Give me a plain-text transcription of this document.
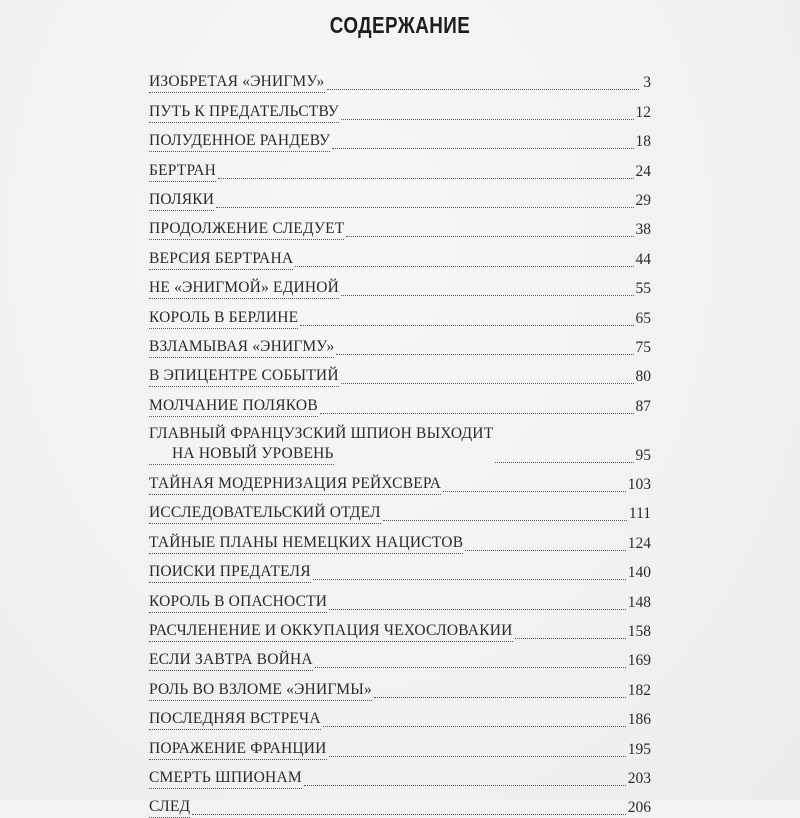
СОДЕРЖАНИЕ
ИЗОБРЕТАЯ «ЭНИГМУ»	3
ПУТЬ К ПРЕДАТЕЛЬСТВУ	12
ПОЛУДЕННОЕ РАНДЕВУ	18
БЕРТРАН	24
ПОЛЯКИ	29
ПРОДОЛЖЕНИЕ СЛЕДУЕТ	38
ВЕРСИЯ БЕРТРАНА	44
НЕ «ЭНИГМОЙ» ЕДИНОЙ	55
КОРОЛЬ В БЕРЛИНЕ	65
ВЗЛАМЫВАЯ «ЭНИГМУ»	75
В ЭПИЦЕНТРЕ СОБЫТИЙ	80
МОЛЧАНИЕ ПОЛЯКОВ	87
ГЛАВНЫЙ ФРАНЦУЗСКИЙ ШПИОН ВЫХОДИТ
НА НОВЫЙ УРОВЕНЬ	95
ТАЙНАЯ МОДЕРНИЗАЦИЯ РЕЙХСВЕРА	103
ИССЛЕДОВАТЕЛЬСКИЙ ОТДЕЛ	111
ТАЙНЫЕ ПЛАНЫ НЕМЕЦКИХ НАЦИСТОВ	124
ПОИСКИ ПРЕДАТЕЛЯ	140
КОРОЛЬ В ОПАСНОСТИ	148
РАСЧЛЕНЕНИЕ И ОККУПАЦИЯ ЧЕХОСЛОВАКИИ	158
ЕСЛИ ЗАВТРА ВОЙНА	169
РОЛЬ ВО ВЗЛОМЕ «ЭНИГМЫ»	182
ПОСЛЕДНЯЯ ВСТРЕЧА	186
ПОРАЖЕНИЕ ФРАНЦИИ	195
СМЕРТЬ ШПИОНАМ	203
СЛЕД	206
